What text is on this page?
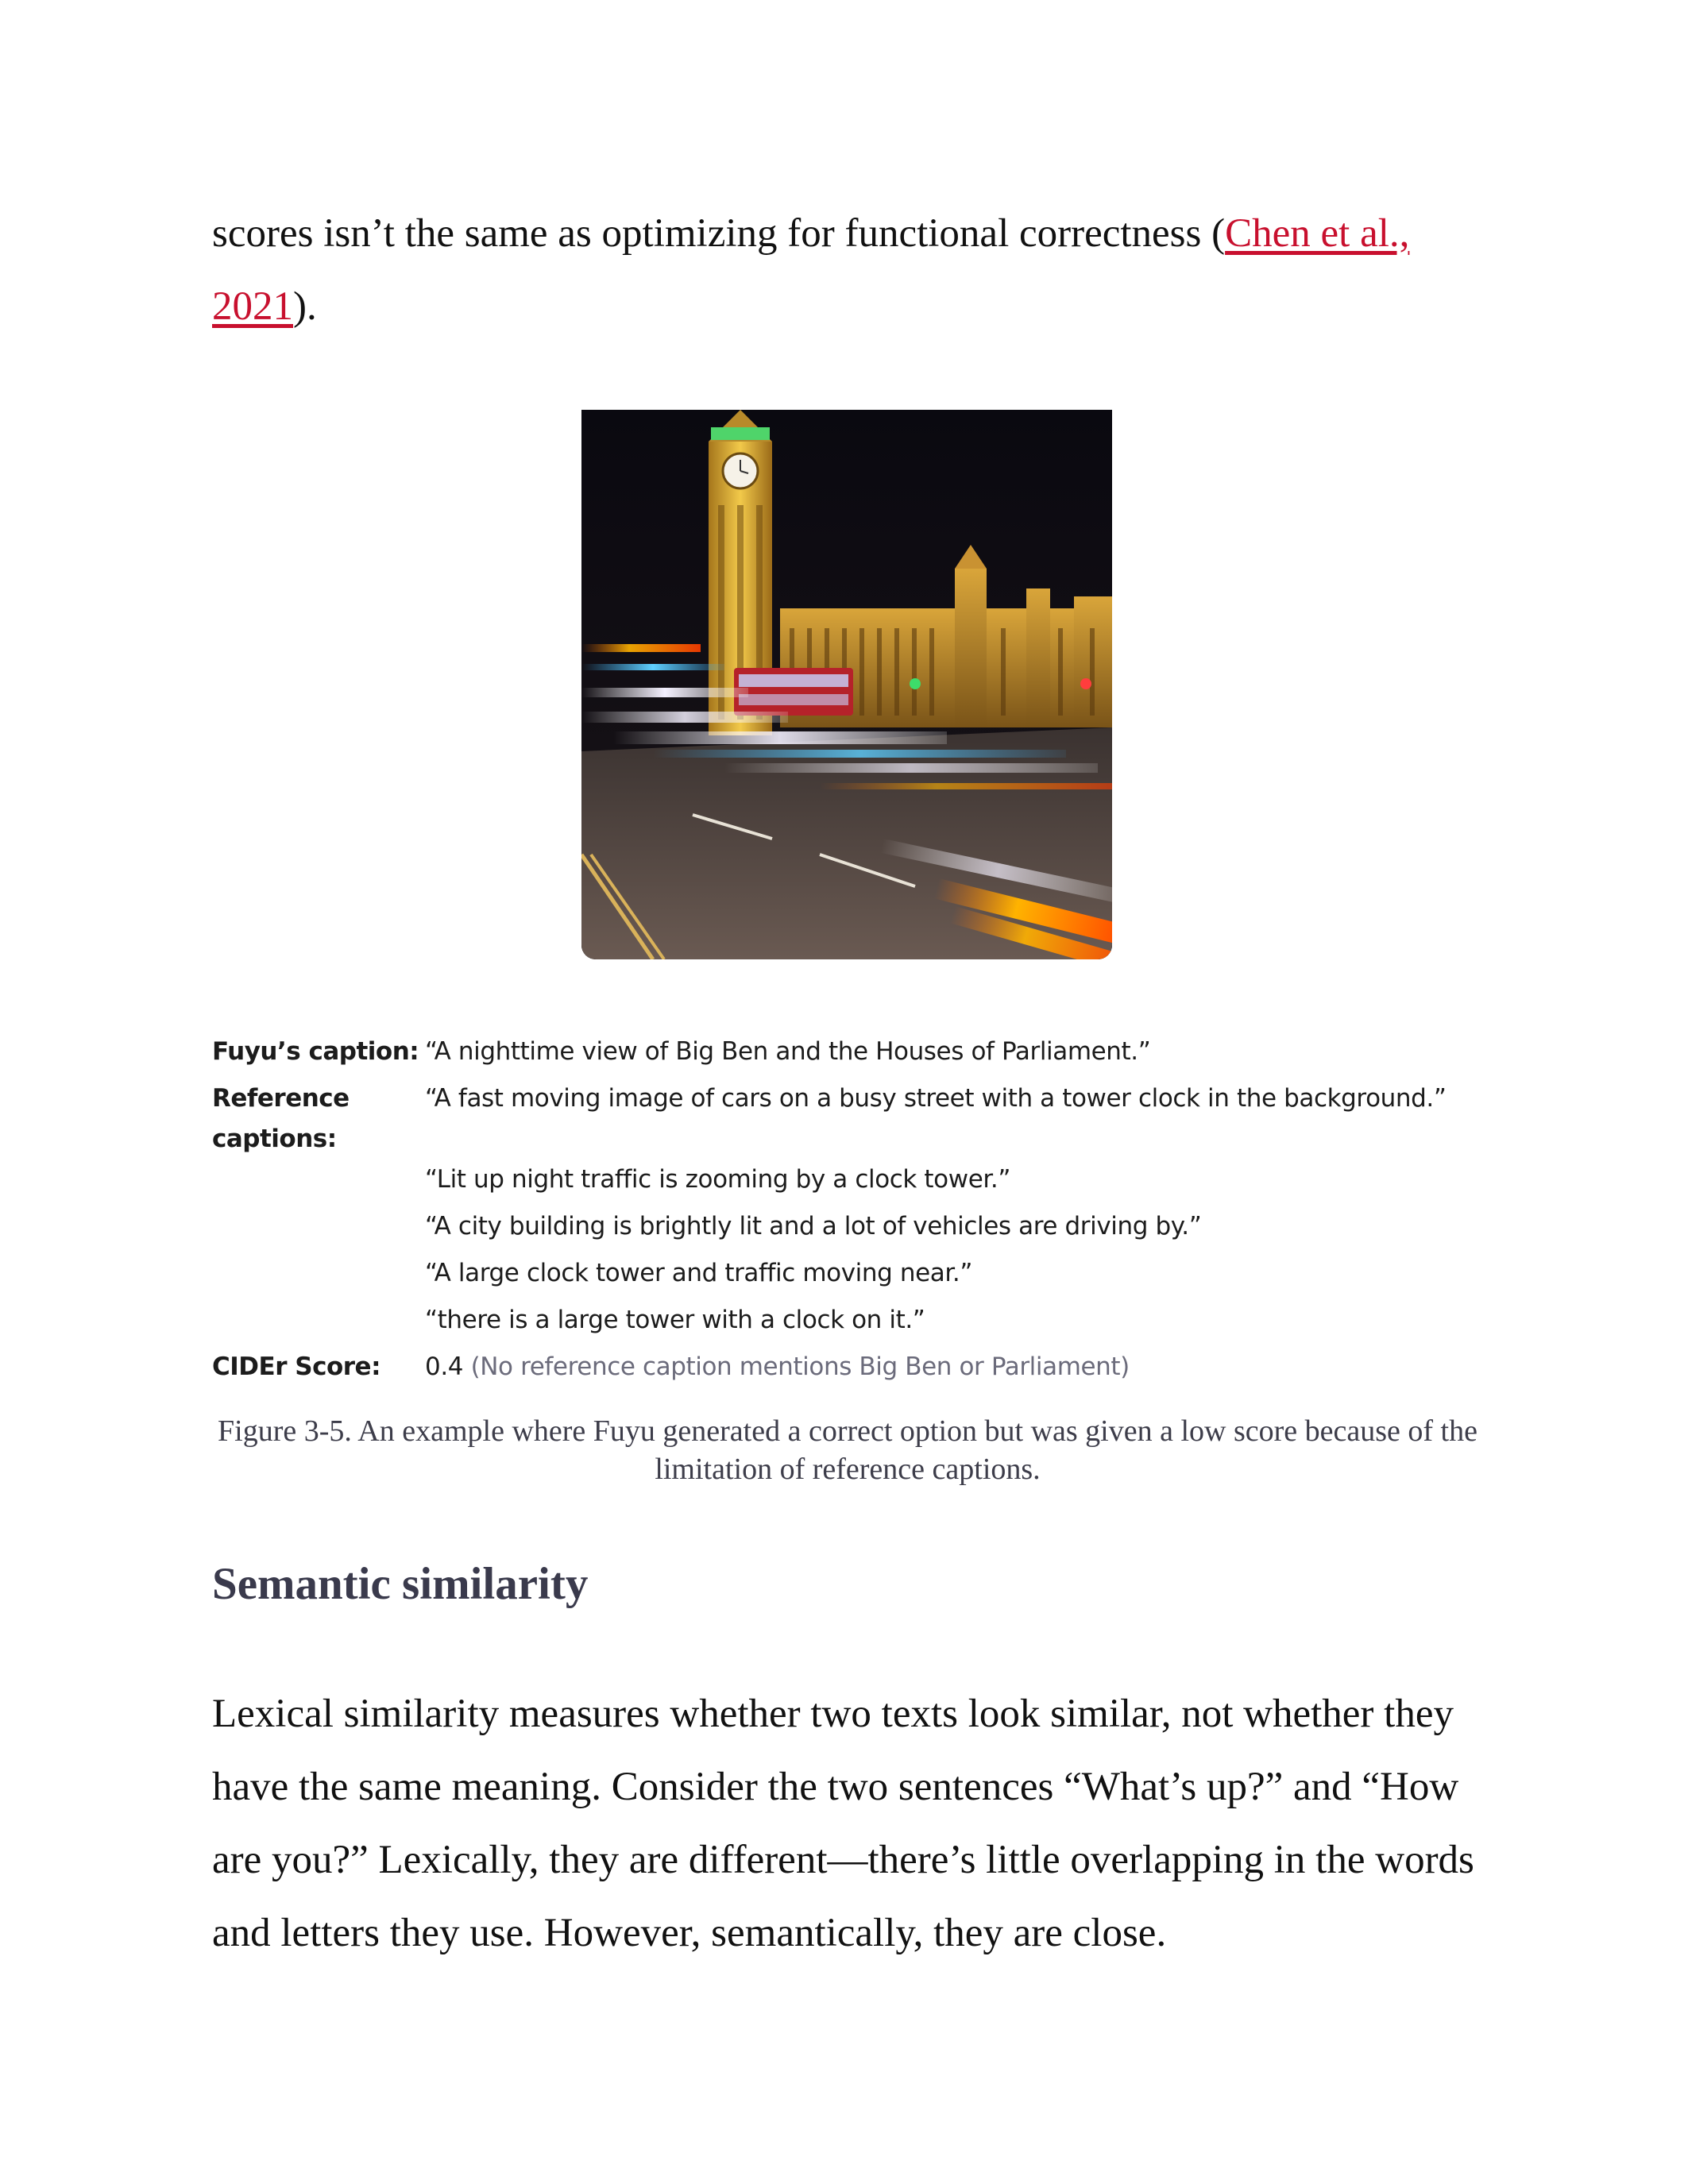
scores isn’t the same as optimizing for functional correctness (Chen et al., 2021).

Fuyu’s caption: “A nighttime view of Big Ben and the Houses of Parliament.”
Reference captions:
“A fast moving image of cars on a busy street with a tower clock in the background.”
“Lit up night traffic is zooming by a clock tower.”
“A city building is brightly lit and a lot of vehicles are driving by.”
“A large clock tower and traffic moving near.”
“there is a large tower with a clock on it.”
CIDEr Score:	0.4 (No reference caption mentions Big Ben or Parliament)

Figure 3-5. An example where Fuyu generated a correct option but was given a low score because of the limitation of reference captions.

Semantic similarity

Lexical similarity measures whether two texts look similar, not whether they have the same meaning. Consider the two sentences “What’s up?” and “How are you?” Lexically, they are different—there’s little overlapping in the words and letters they use. However, semantically, they are close.
